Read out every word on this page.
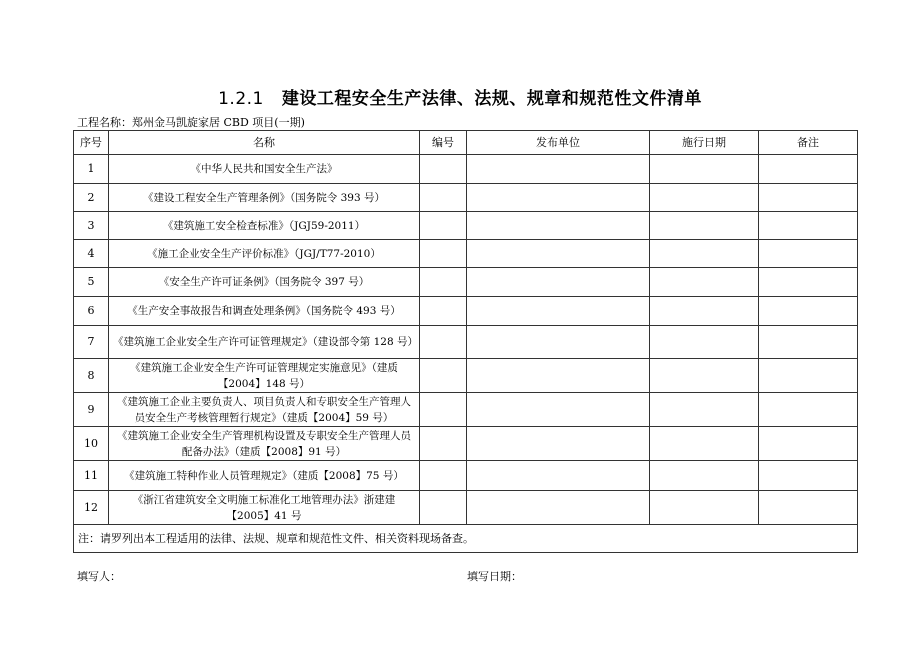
1.2.1 建设工程安全生产法律、法规、规章和规范性文件清单
工程名称：郑州金马凯旋家居 CBD 项目(一期)
序号	名称	编号	发布单位	施行日期	备注
1	《中华人民共和国安全生产法》				
2	《建设工程安全生产管理条例》（国务院令 393 号）				
3	《建筑施工安全检查标准》（JGJ59-2011）				
4	《施工企业安全生产评价标准》（JGJ/T77-2010）				
5	《安全生产许可证条例》（国务院令 397 号）				
6	《生产安全事故报告和调查处理条例》（国务院令 493 号）				
7	《建筑施工企业安全生产许可证管理规定》（建设部令第 128 号）				
8	《建筑施工企业安全生产许可证管理规定实施意见》（建质【2004】148 号）				
9	《建筑施工企业主要负责人、项目负责人和专职安全生产管理人员安全生产考核管理暂行规定》（建质【2004】59 号）				
10	《建筑施工企业安全生产管理机构设置及专职安全生产管理人员配备办法》（建质【2008】91 号）				
11	《建筑施工特种作业人员管理规定》（建质【2008】75 号）				
12	《浙江省建筑安全文明施工标准化工地管理办法》浙建建【2005】41 号				
注：请罗列出本工程适用的法律、法规、规章和规范性文件、相关资料现场备查。					
填写人：	填写日期：
